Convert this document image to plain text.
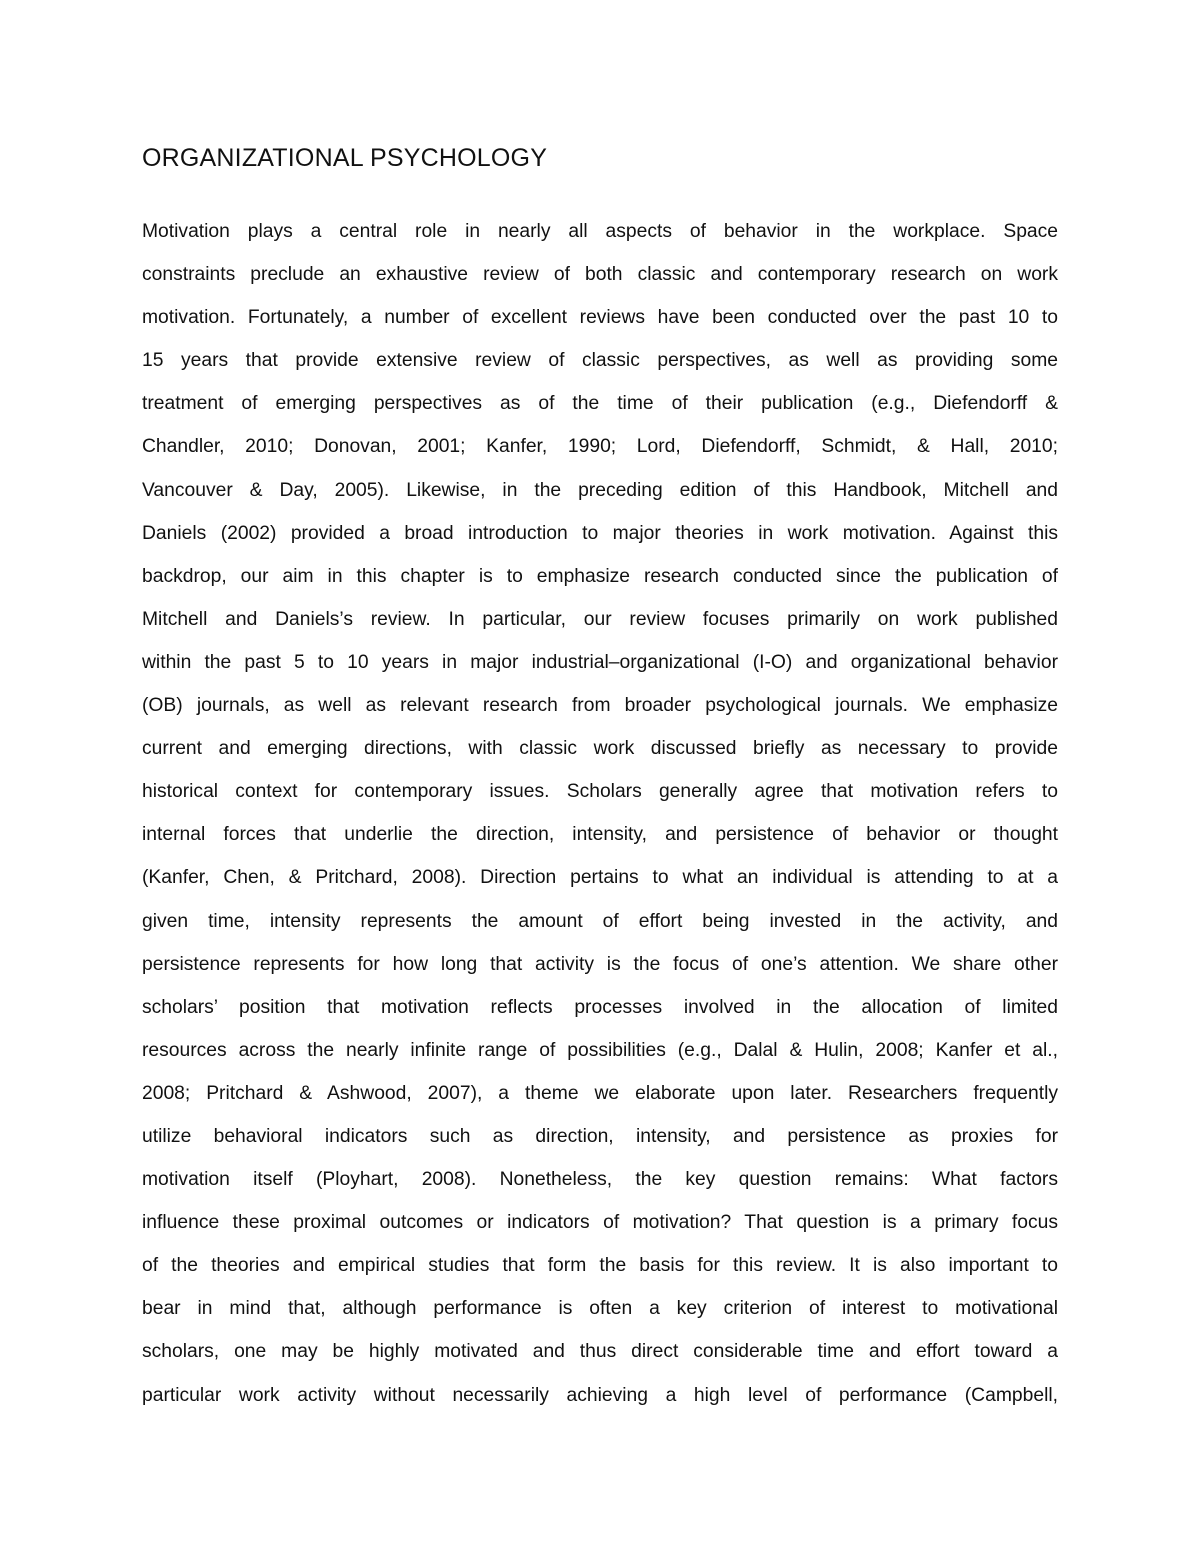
ORGANIZATIONAL PSYCHOLOGY
Motivation plays a central role in nearly all aspects of behavior in the workplace. Space
constraints preclude an exhaustive review of both classic and contemporary research on work
motivation. Fortunately, a number of excellent reviews have been conducted over the past 10 to
15 years that provide extensive review of classic perspectives, as well as providing some
treatment of emerging perspectives as of the time of their publication (e.g., Diefendorff &
Chandler, 2010; Donovan, 2001; Kanfer, 1990; Lord, Diefendorff, Schmidt, & Hall, 2010;
Vancouver & Day, 2005). Likewise, in the preceding edition of this Handbook, Mitchell and
Daniels (2002) provided a broad introduction to major theories in work motivation. Against this
backdrop, our aim in this chapter is to emphasize research conducted since the publication of
Mitchell and Daniels’s review. In particular, our review focuses primarily on work published
within the past 5 to 10 years in major industrial–organizational (I-O) and organizational behavior
(OB) journals, as well as relevant research from broader psychological journals. We emphasize
current and emerging directions, with classic work discussed briefly as necessary to provide
historical context for contemporary issues. Scholars generally agree that motivation refers to
internal forces that underlie the direction, intensity, and persistence of behavior or thought
(Kanfer, Chen, & Pritchard, 2008). Direction pertains to what an individual is attending to at a
given time, intensity represents the amount of effort being invested in the activity, and
persistence represents for how long that activity is the focus of one’s attention. We share other
scholars’ position that motivation reflects processes involved in the allocation of limited
resources across the nearly infinite range of possibilities (e.g., Dalal & Hulin, 2008; Kanfer et al.,
2008; Pritchard & Ashwood, 2007), a theme we elaborate upon later. Researchers frequently
utilize behavioral indicators such as direction, intensity, and persistence as proxies for
motivation itself (Ployhart, 2008). Nonetheless, the key question remains: What factors
influence these proximal outcomes or indicators of motivation? That question is a primary focus
of the theories and empirical studies that form the basis for this review. It is also important to
bear in mind that, although performance is often a key criterion of interest to motivational
scholars, one may be highly motivated and thus direct considerable time and effort toward a
particular work activity without necessarily achieving a high level of performance (Campbell,
